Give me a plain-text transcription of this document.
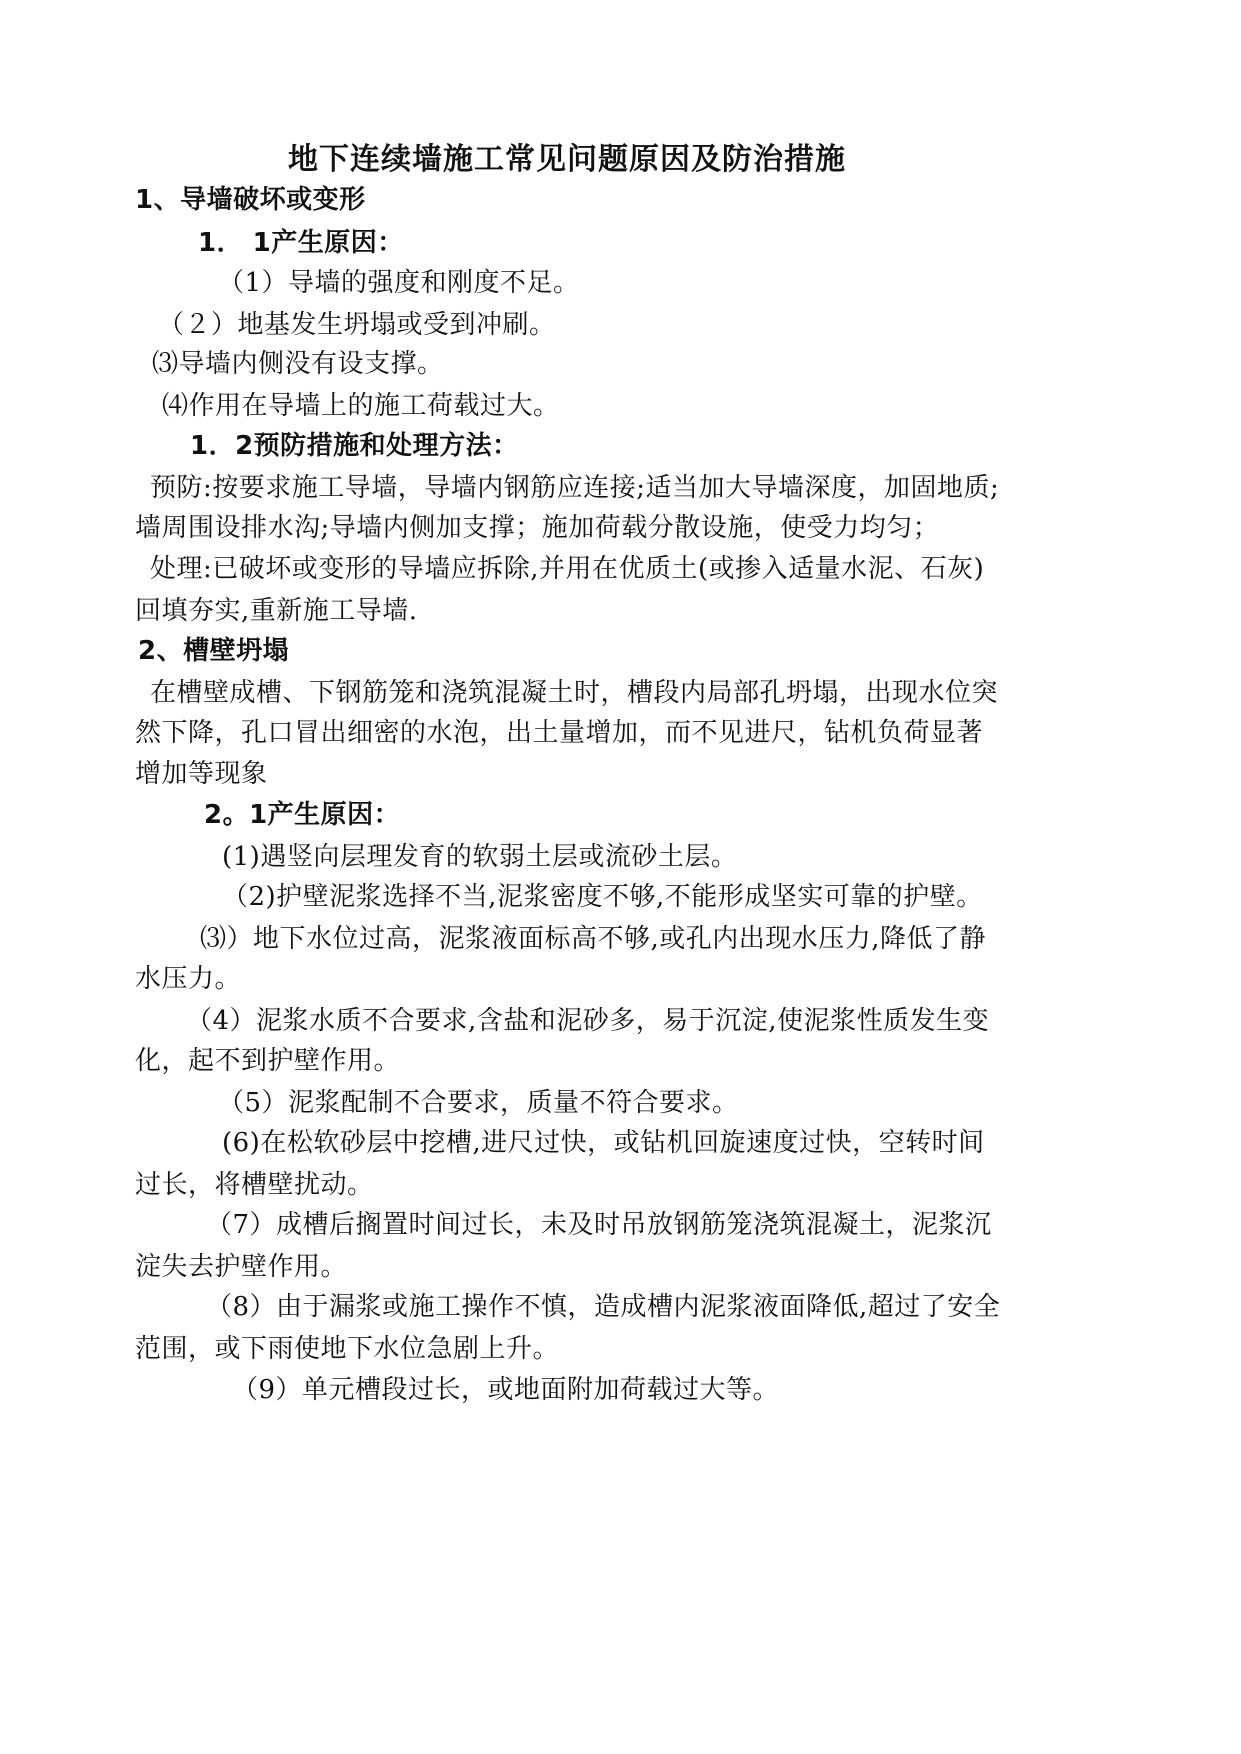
地下连续墙施工常见问题原因及防治措施
1、导墙破坏或变形
1． 1产生原因：
（1）导墙的强度和刚度不足。
（２）地基发生坍塌或受到冲刷。
⑶导墙内侧没有设支撑。
⑷作用在导墙上的施工荷载过大。
1．2预防措施和处理方法：
预防:按要求施工导墙，导墙内钢筋应连接;适当加大导墙深度，加固地质;
墙周围设排水沟;导墙内侧加支撑；施加荷载分散设施，使受力均匀；
处理:已破坏或变形的导墙应拆除,并用在优质土(或掺入适量水泥、石灰)
回填夯实,重新施工导墙.
2、槽壁坍塌
在槽壁成槽、下钢筋笼和浇筑混凝土时，槽段内局部孔坍塌，出现水位突
然下降，孔口冒出细密的水泡，出土量增加，而不见进尺，钻机负荷显著
增加等现象
2。1产生原因：
(1)遇竖向层理发育的软弱土层或流砂土层。
（2)护壁泥浆选择不当,泥浆密度不够,不能形成坚实可靠的护壁。
⑶）地下水位过高，泥浆液面标高不够,或孔内出现水压力,降低了静
水压力。
（4）泥浆水质不合要求,含盐和泥砂多，易于沉淀,使泥浆性质发生变
化，起不到护壁作用。
（5）泥浆配制不合要求，质量不符合要求。
(6)在松软砂层中挖槽,进尺过快，或钻机回旋速度过快，空转时间
过长，将槽壁扰动。
（7）成槽后搁置时间过长，未及时吊放钢筋笼浇筑混凝土，泥浆沉
淀失去护壁作用。
（8）由于漏浆或施工操作不慎，造成槽内泥浆液面降低,超过了安全
范围，或下雨使地下水位急剧上升。
（9）单元槽段过长，或地面附加荷载过大等。
